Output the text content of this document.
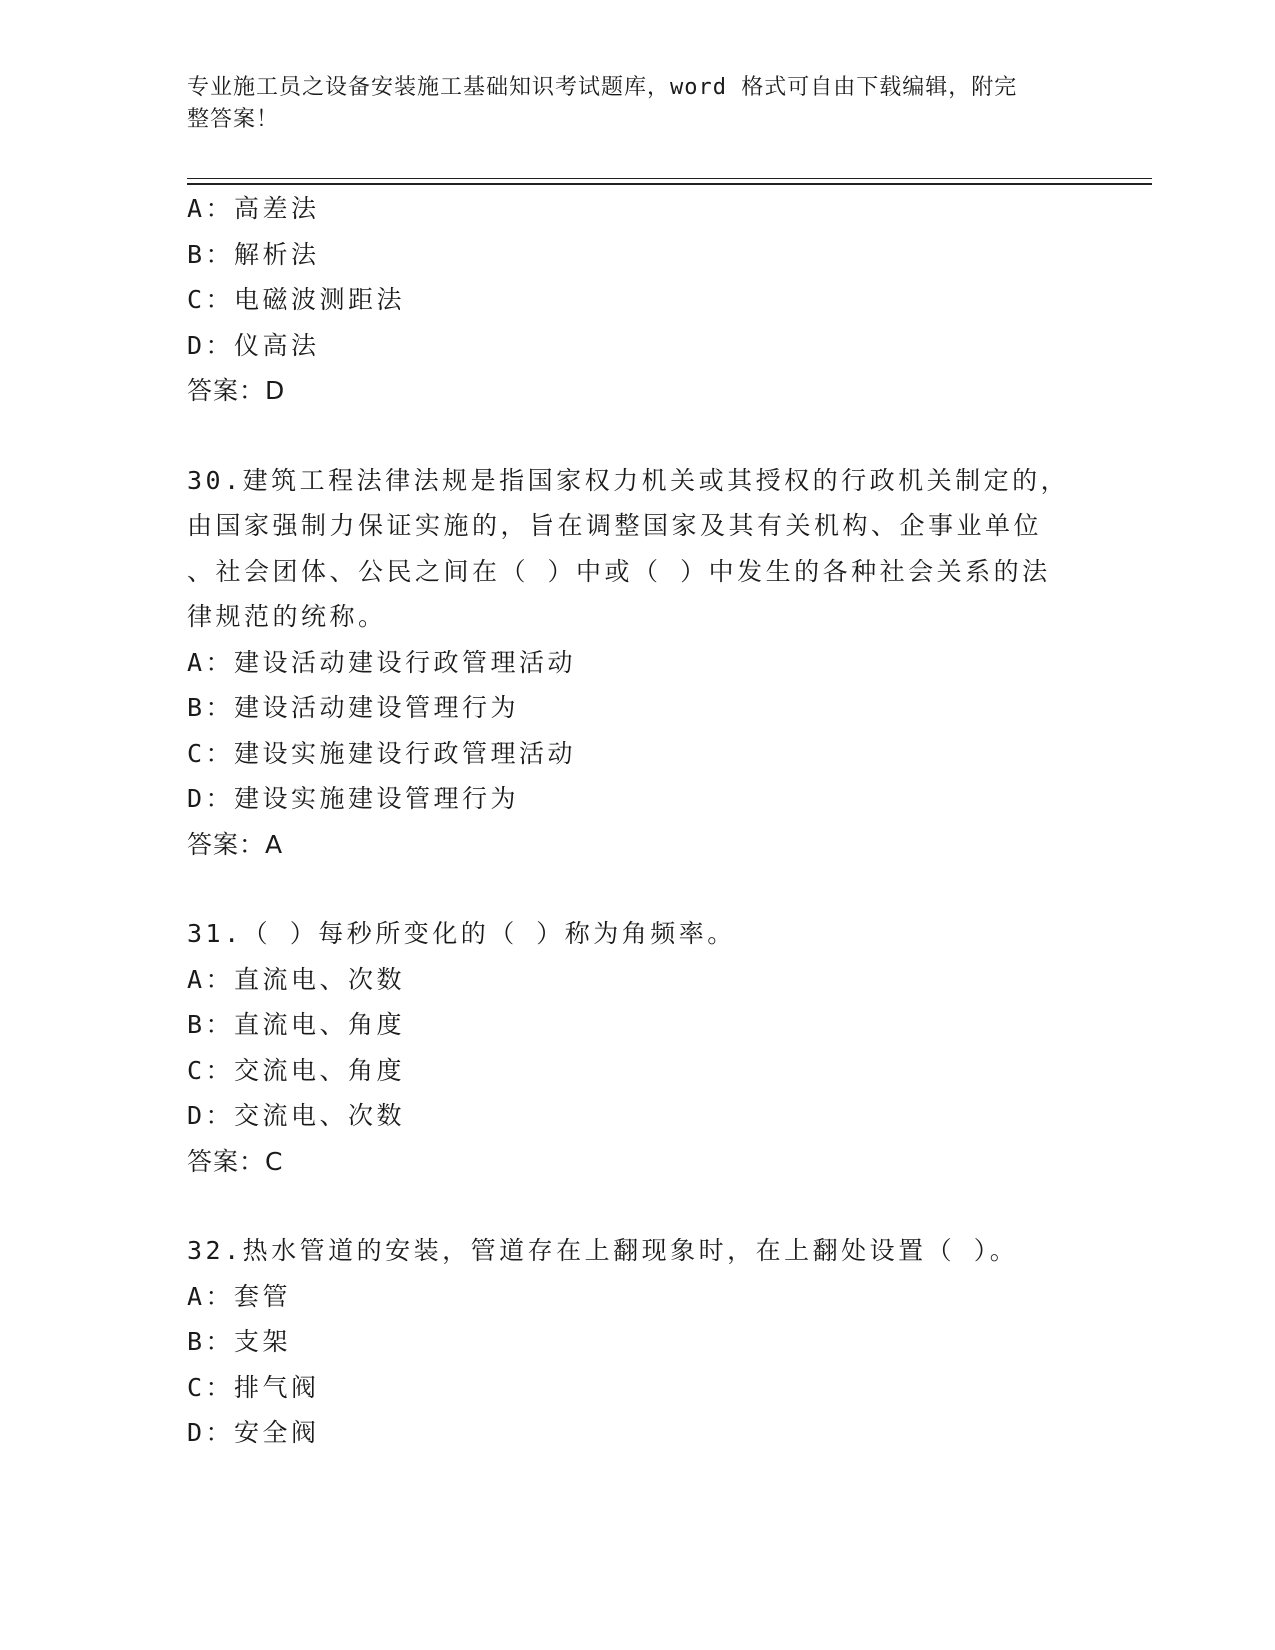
专业施工员之设备安装施工基础知识考试题库，word 格式可自由下载编辑，附完
整答案！
A：高差法
B：解析法
C：电磁波测距法
D：仪高法
答案：D
30.建筑工程法律法规是指国家权力机关或其授权的行政机关制定的，
由国家强制力保证实施的，旨在调整国家及其有关机构、企事业单位
、社会团体、公民之间在（ ）中或（ ）中发生的各种社会关系的法
律规范的统称。
A：建设活动建设行政管理活动
B：建设活动建设管理行为
C：建设实施建设行政管理活动
D：建设实施建设管理行为
答案：A
31.（ ）每秒所变化的（ ）称为角频率。
A：直流电、次数
B：直流电、角度
C：交流电、角度
D：交流电、次数
答案：C
32.热水管道的安装，管道存在上翻现象时，在上翻处设置（ ）。
A：套管
B：支架
C：排气阀
D：安全阀
